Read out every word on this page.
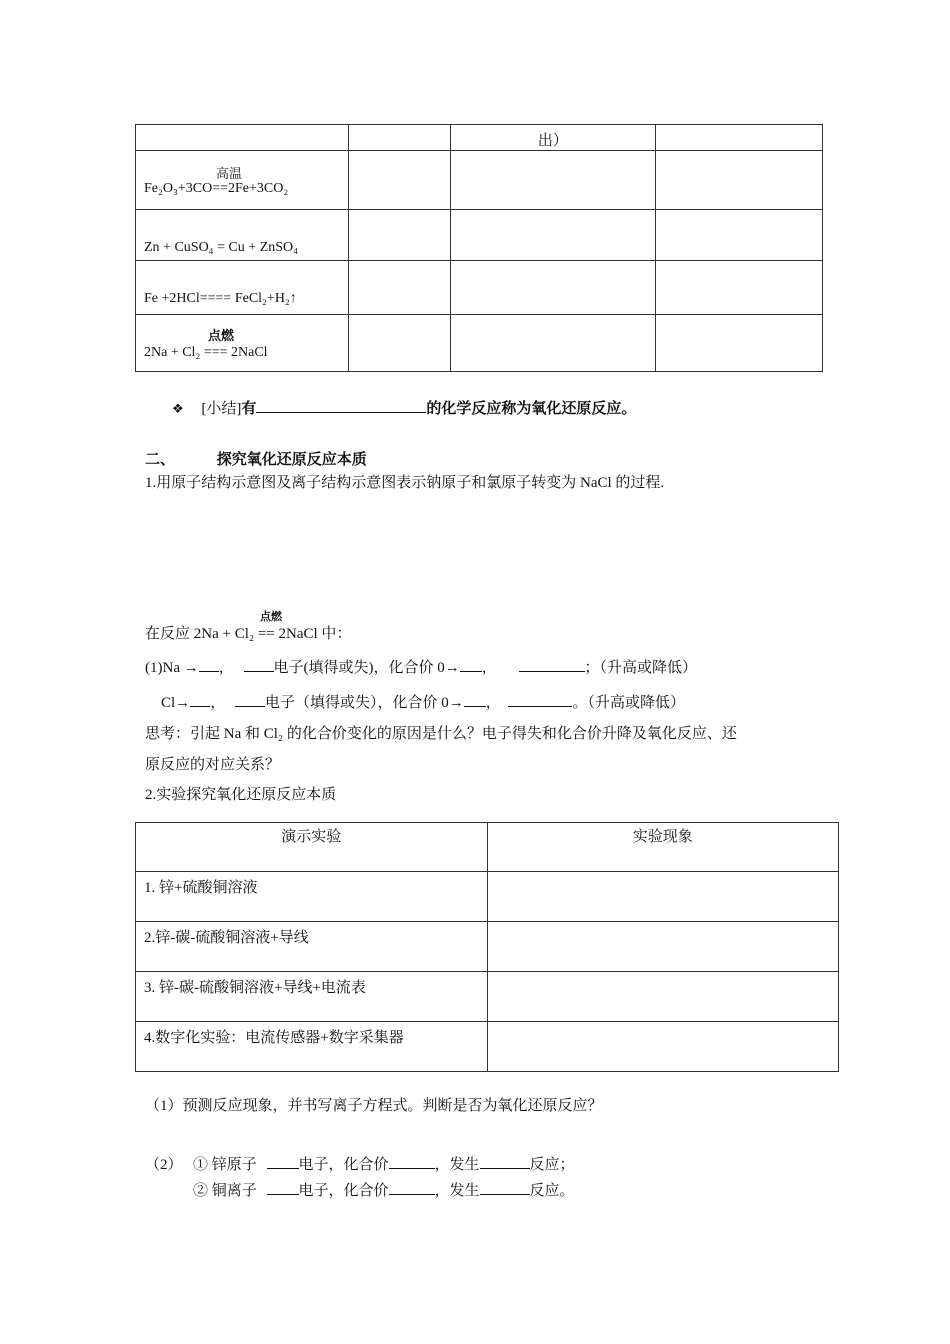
		出）	

高温
Fe₂O₃+3CO==2Fe+3CO₂			

Zn + CuSO₄ = Cu + ZnSO₄			

Fe +2HCl==== FeCl₂+H₂↑			

点燃
2Na + Cl₂ === 2NaCl			

❖ [小结]有	的化学反应称为氧化还原反应。
二、	探究氧化还原反应本质
1.用原子结构示意图及离子结构示意图表示钠原子和氯原子转变为 NaCl 的过程.
点燃
在反应 2Na + Cl₂ == 2NaCl 中：
(1)Na → ，	电子(填得或失)，化合价 0→ ，	；（升高或降低）
Cl→ ，	电子（填得或失），化合价 0→ ，	。（升高或降低）
思考：引起 Na 和 Cl₂ 的化合价变化的原因是什么？电子得失和化合价升降及氧化反应、还
原反应的对应关系？
2.实验探究氧化还原反应本质
演示实验	实验现象

1. 锌+硫酸铜溶液	

2.锌-碳-硫酸铜溶液+导线	

3. 锌-碳-硫酸铜溶液+导线+电流表	

4.数字化实验：电流传感器+数字采集器	

（1）预测反应现象，并书写离子方程式。判断是否为氧化还原反应？
（2） ① 锌原子	电子，化合价	，发生	反应；
② 铜离子	电子，化合价	，发生	反应。
